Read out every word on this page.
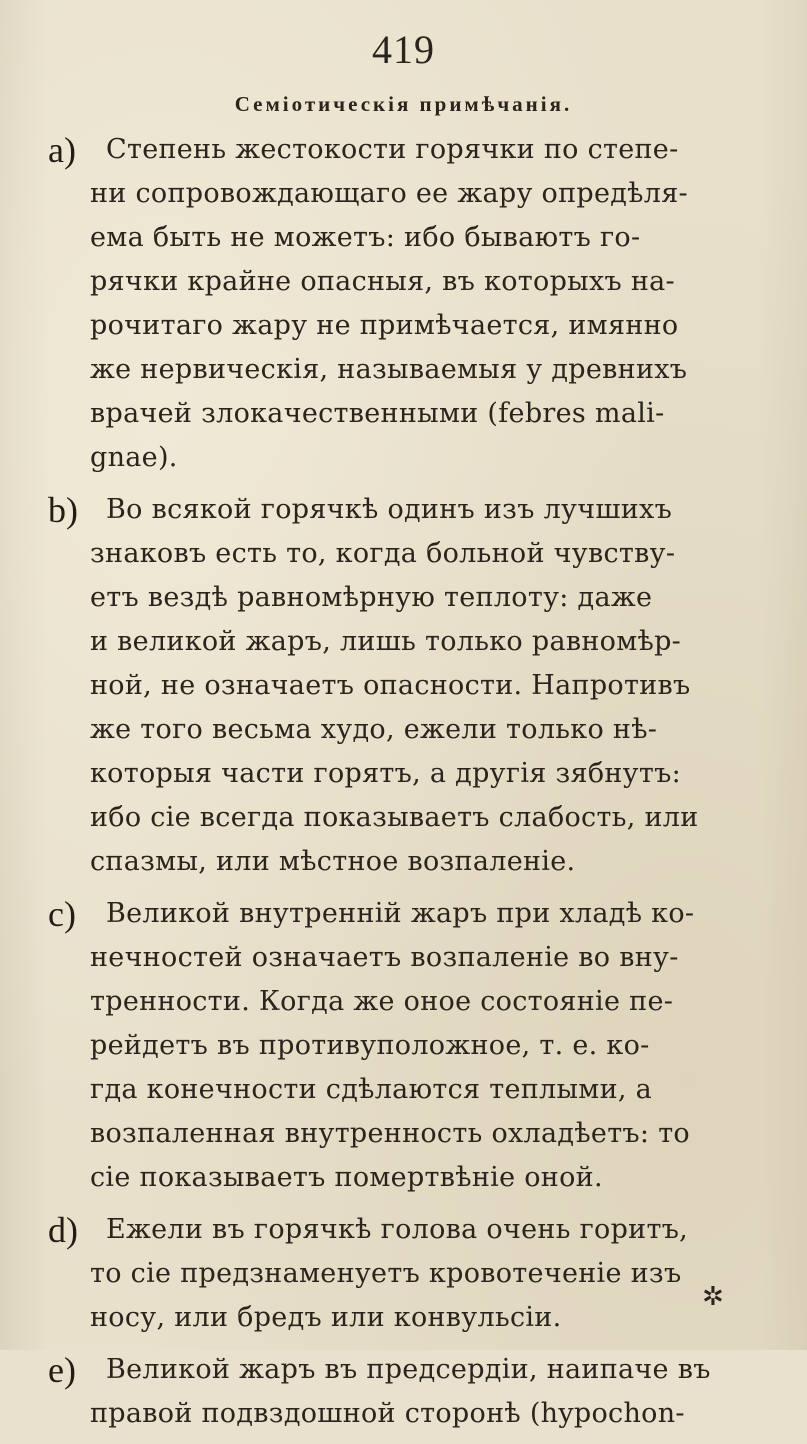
419
Семіотическія примѣчанія.
a)	Степень жестокости горячки по степе-
ни сопровождающаго ее жару опредѣля-
ема быть не можетъ: ибо бываютъ го-
рячки крайне опасныя, въ которыхъ на-
рочитаго жару не примѣчается, имянно
же нервическія, называемыя у древнихъ
врачей злокачественными (febres mali-
gnae).
b)	Во всякой горячкѣ одинъ изъ лучшихъ
знаковъ есть то, когда больной чувству-
етъ вездѣ равномѣрную теплоту: даже
и великой жаръ, лишь только равномѣр-
ной, не означаетъ опасности. Напротивъ
же того весьма худо, ежели только нѣ-
которыя части горятъ, а другія зябнутъ:
ибо сіе всегда показываетъ слабость, или
спазмы, или мѣстное возпаленіе.
c)	Великой внутренній жаръ при хладѣ ко-
нечностей означаетъ возпаленіе во вну-
тренности. Когда же оное состояніе пе-
рейдетъ въ противуположное, т. е. ко-
гда конечности сдѣлаются теплыми, а
возпаленная внутренность охладѣетъ: то
сіе показываетъ помертвѣніе оной.
d)	Ежели въ горячкѣ голова очень горитъ,
то сіе предзнаменуетъ кровотеченіе изъ
носу, или бредъ или конвульсіи.
e)	Великой жаръ въ предсердіи, наипаче въ
правой подвздошной сторонѣ (hypochon-
✲
